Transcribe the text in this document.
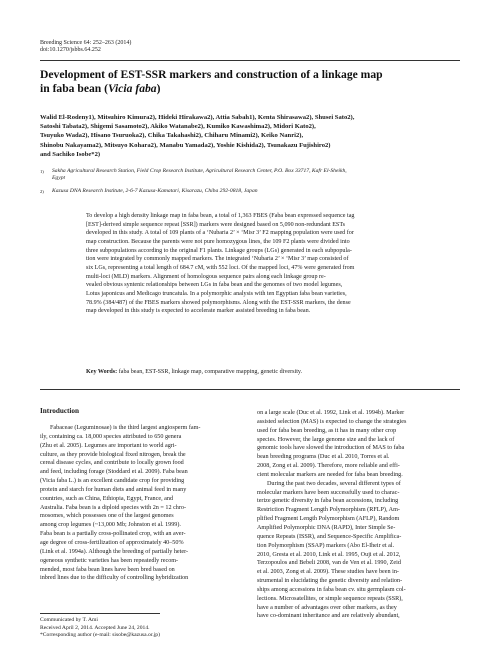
Breeding Science 64: 252–263 (2014)
doi:10.1270/jsbbs.64.252
Development of EST-SSR markers and construction of a linkage map
in faba bean (Vicia faba)
Walid El-Rodeny1), Mitsuhiro Kimura2), Hideki Hirakawa2), Attia Sabah1), Kenta Shirasawa2), Shusei Sato2),
Satoshi Tabata2), Shigemi Sasamoto2), Akiko Watanabe2), Kumiko Kawashima2), Midori Kato2),
Tsuyuko Wada2), Hisano Tsuruoka2), Chika Takahashi2), Chiharu Minami2), Keiko Nanri2),
Shinobu Nakayama2), Mitsuyo Kohara2), Manabu Yamada2), Yoshie Kishida2), Tsunakazu Fujishiro2)
and Sachiko Isobe*2)
1)	Sakha Agricultural Research Station, Field Crop Research Institute, Agricultural Research Center, P.O. Box 33717, Kafr El-Sheikh,
Egypt
2)	Kazusa DNA Research Institute, 2-6-7 Kazusa-Kamatari, Kisarazu, Chiba 292-0818, Japan
To develop a high density linkage map in faba bean, a total of 1,363 FBES (Faba bean expressed sequence tag
[EST]-derived simple sequence repeat [SSR]) markers were designed based on 5,090 non-redundant ESTs
developed in this study. A total of 109 plants of a ‘Nubaria 2’ × ‘Misr 3’ F2 mapping population were used for
map construction. Because the parents were not pure homozygous lines, the 109 F2 plants were divided into
three subpopulations according to the original F1 plants. Linkage groups (LGs) generated in each subpopula-
tion were integrated by commonly mapped markers. The integrated ‘Nubaria 2’ × ‘Misr 3’ map consisted of
six LGs, representing a total length of 684.7 cM, with 552 loci. Of the mapped loci, 47% were generated from
multi-loci (MLD) markers. Alignment of homologous sequence pairs along each linkage group re-
vealed obvious syntenic relationships between LGs in faba bean and the genomes of two model legumes,
Lotus japonicus and Medicago truncatula. In a polymorphic analysis with ten Egyptian faba bean varieties,
78.9% (384/487) of the FBES markers showed polymorphisms. Along with the EST-SSR markers, the dense
map developed in this study is expected to accelerate marker assisted breeding in faba bean.
Key Words: faba bean, EST-SSR, linkage map, comparative mapping, genetic diversity.
Introduction
Fabaceae (Leguminosae) is the third largest angiosperm fam-
ily, containing ca. 18,000 species attributed to 650 genera
(Zhu et al. 2005). Legumes are important to world agri-
culture, as they provide biological fixed nitrogen, break the
cereal disease cycles, and contribute to locally grown food
and feed, including forage (Stoddard et al. 2009). Faba bean
(Vicia faba L.) is an excellent candidate crop for providing
protein and starch for human diets and animal feed in many
countries, such as China, Ethiopia, Egypt, France, and
Australia. Faba bean is a diploid species with 2n = 12 chro-
mosomes, which possesses one of the largest genomes
among crop legumes (~13,000 Mb; Johnston et al. 1999).
Faba bean is a partially cross-pollinated crop, with an aver-
age degree of cross-fertilization of approximately 40–50%
(Link et al. 1994a). Although the breeding of partially heter-
ogeneous synthetic varieties has been repeatedly recom-
mended, most faba bean lines have been bred based on
inbred lines due to the difficulty of controlling hybridization
on a large scale (Duc et al. 1992, Link et al. 1994b). Marker
assisted selection (MAS) is expected to change the strategies
used for faba bean breeding, as it has in many other crop
species. However, the large genome size and the lack of
genomic tools have slowed the introduction of MAS to faba
bean breeding programs (Duc et al. 2010, Torres et al.
2008, Zong et al. 2009). Therefore, more reliable and effi-
cient molecular markers are needed for faba bean breeding.
During the past two decades, several different types of
molecular markers have been successfully used to charac-
terize genetic diversity in faba bean accessions, including
Restriction Fragment Length Polymorphism (RFLP), Am-
plified Fragment Length Polymorphism (AFLP), Random
Amplified Polymorphic DNA (RAPD), Inter Simple Se-
quence Repeats (ISSR), and Sequence-Specific Amplifica-
tion Polymorphism (SSAP) markers (Abo El-Iheir et al.
2010, Gresta et al. 2010, Link et al. 1995, Ouji et al. 2012,
Terzopoulos and Bebeli 2008, van de Ven et al. 1990, Zeid
et al. 2003, Zong et al. 2009). These studies have been in-
strumental in elucidating the genetic diversity and relation-
ships among accessions in faba bean cv. situ germplasm col-
lections. Microsatellites, or simple sequence repeats (SSR),
have a number of advantages over other markers, as they
have co-dominant inheritance and are relatively abundant,
Communicated by T. Ami
Received April 2, 2014. Accepted June 24, 2014.
*Corresponding author (e-mail: sisobe@kazusa.or.jp)
